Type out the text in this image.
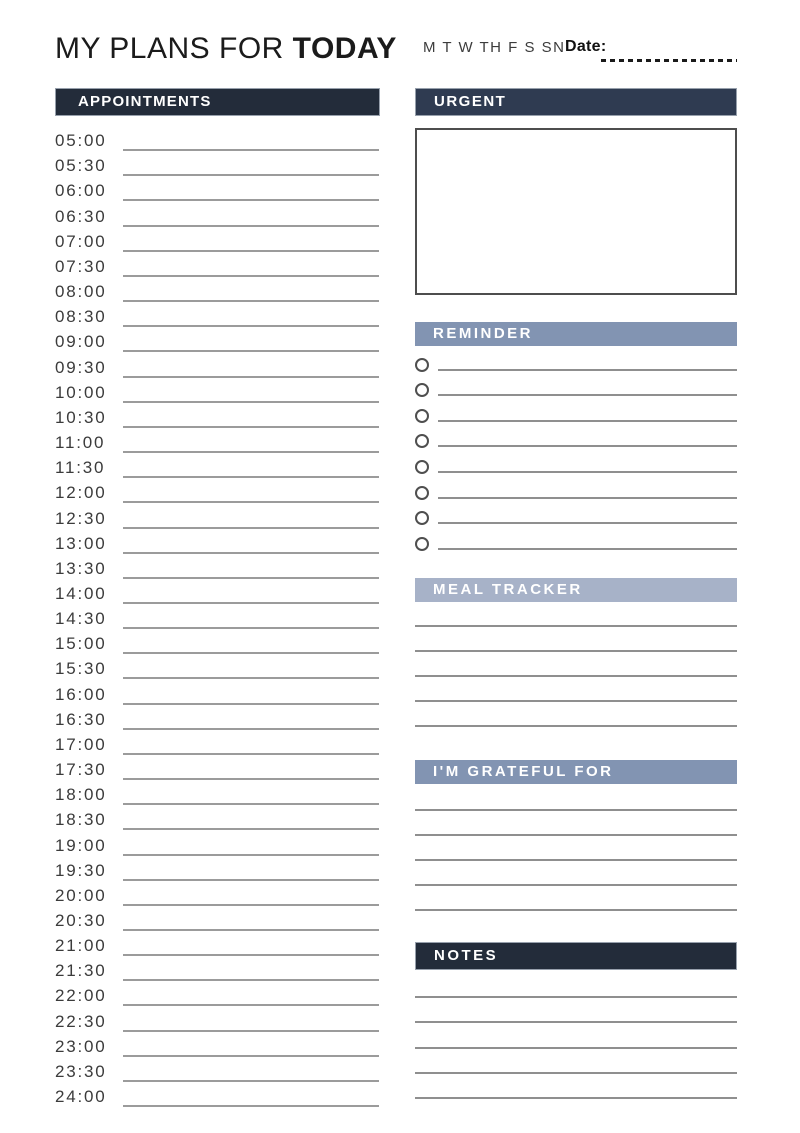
MY PLANS FOR TODAY M T W TH F S SN Date:
APPOINTMENTS
05:00
05:30
06:00
06:30
07:00
07:30
08:00
08:30
09:00
09:30
10:00
10:30
11:00
11:30
12:00
12:30
13:00
13:30
14:00
14:30
15:00
15:30
16:00
16:30
17:00
17:30
18:00
18:30
19:00
19:30
20:00
20:30
21:00
21:30
22:00
22:30
23:00
23:30
24:00
URGENT
REMINDER
MEAL TRACKER
I'M GRATEFUL FOR
NOTES
